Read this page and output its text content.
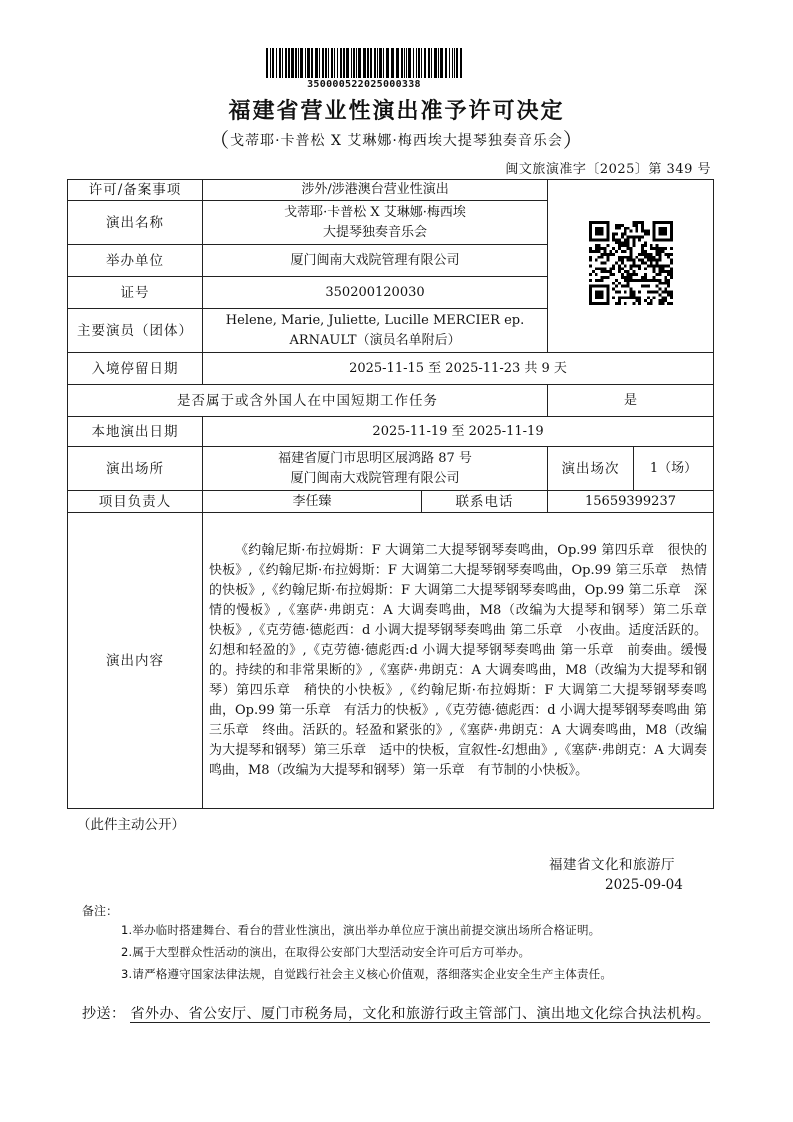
350000522025000338
福建省营业性演出准予许可决定
（戈蒂耶·卡普松 X 艾琳娜·梅西埃大提琴独奏音乐会）
闽文旅演准字〔2025〕第 349 号
许可/备案事项	涉外/涉港澳台营业性演出	
演出名称	戈蒂耶·卡普松 X 艾琳娜·梅西埃
大提琴独奏音乐会			

举办单位	厦门闽南大戏院管理有限公司			
证号	350200120030			
主要演员（团体）	Helene, Marie, Juliette, Lucille MERCIER ep.
ARNAULT（演员名单附后）			

入境停留日期	2025-11-15 至 2025-11-23 共 9 天			
是否属于或含外国人在中国短期工作任务			是	
本地演出日期	2025-11-19 至 2025-11-19			
演出场所	福建省厦门市思明区展鸿路 87 号
厦门闽南大戏院管理有限公司		演出场次	1（场）
项目负责人	李任臻	联系电话	15659399237	
演出内容	《约翰尼斯·布拉姆斯：F 大调第二大提琴钢琴奏鸣曲，Op.99 第四乐章　很快的快板》,《约翰尼斯·布拉姆斯：F 大调第二大提琴钢琴奏鸣曲，Op.99 第三乐章　热情的快板》,《约翰尼斯·布拉姆斯：F 大调第二大提琴钢琴奏鸣曲，Op.99 第二乐章　深情的慢板》,《塞萨·弗朗克：A 大调奏鸣曲，M8（改编为大提琴和钢琴）第二乐章　快板》,《克劳德·德彪西：d 小调大提琴钢琴奏鸣曲 第二乐章　小夜曲。适度活跃的。幻想和轻盈的》,《克劳德·德彪西:d 小调大提琴钢琴奏鸣曲 第一乐章　前奏曲。缓慢的。持续的和非常果断的》,《塞萨·弗朗克：A 大调奏鸣曲，M8（改编为大提琴和钢琴）第四乐章　稍快的小快板》,《约翰尼斯·布拉姆斯：F 大调第二大提琴钢琴奏鸣曲，Op.99 第一乐章　有活力的快板》,《克劳德·德彪西：d 小调大提琴钢琴奏鸣曲 第三乐章　终曲。活跃的。轻盈和紧张的》,《塞萨·弗朗克：A 大调奏鸣曲，M8（改编为大提琴和钢琴）第三乐章　适中的快板，宣叙性-幻想曲》,《塞萨·弗朗克：A 大调奏鸣曲，M8（改编为大提琴和钢琴）第一乐章　有节制的小快板》。			
（此件主动公开）
福建省文化和旅游厅
2025-09-04
备注：
1.举办临时搭建舞台、看台的营业性演出，演出举办单位应于演出前提交演出场所合格证明。
2.属于大型群众性活动的演出，在取得公安部门大型活动安全许可后方可举办。
3.请严格遵守国家法律法规，自觉践行社会主义核心价值观，落细落实企业安全生产主体责任。
抄送： 省外办、省公安厅、厦门市税务局，文化和旅游行政主管部门、演出地文化综合执法机构。
